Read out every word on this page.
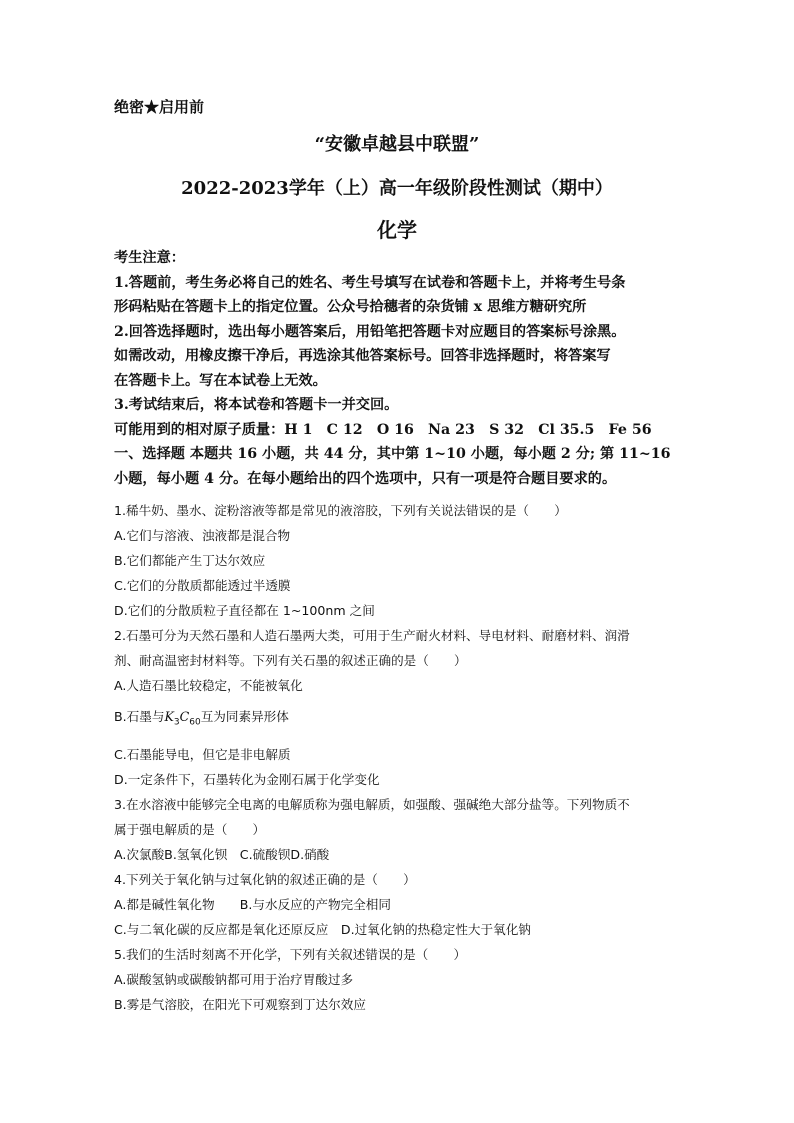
绝密★启用前
“安徽卓越县中联盟”
2022-2023学年（上）高一年级阶段性测试（期中）
化学
考生注意：
1.答题前，考生务必将自己的姓名、考生号填写在试卷和答题卡上，并将考生号条
形码粘贴在答题卡上的指定位置。公众号拾穗者的杂货铺 x 思维方糖研究所
2.回答选择题时，选出每小题答案后，用铅笔把答题卡对应题目的答案标号涂黑。
如需改动，用橡皮擦干净后，再选涂其他答案标号。回答非选择题时，将答案写
在答题卡上。写在本试卷上无效。
3.考试结束后，将本试卷和答题卡一并交回。
可能用到的相对原子质量：H 1　C 12　O 16　Na 23　S 32　Cl 35.5　Fe 56
一、选择题 本题共 16 小题，共 44 分，其中第 1~10 小题，每小题 2 分; 第 11~16
小题，每小题 4 分。在每小题给出的四个选项中，只有一项是符合题目要求的。
1.稀牛奶、墨水、淀粉溶液等都是常见的液溶胶，下列有关说法错误的是（　　）
A.它们与溶液、浊液都是混合物
B.它们都能产生丁达尔效应
C.它们的分散质都能透过半透膜
D.它们的分散质粒子直径都在 1~100nm 之间
2.石墨可分为天然石墨和人造石墨两大类，可用于生产耐火材料、导电材料、耐磨材料、润滑
剂、耐高温密封材料等。下列有关石墨的叙述正确的是（　　）
A.人造石墨比较稳定，不能被氧化
B.石墨与$K_3C_{60}$互为同素异形体
C.石墨能导电，但它是非电解质
D.一定条件下，石墨转化为金刚石属于化学变化
3.在水溶液中能够完全电离的电解质称为强电解质，如强酸、强碱绝大部分盐等。下列物质不
属于强电解质的是（　　）
A.次氯酸B.氢氧化钡　C.硫酸钡D.硝酸
4.下列关于氧化钠与过氧化钠的叙述正确的是（　　）
A.都是碱性氧化物　　B.与水反应的产物完全相同
C.与二氧化碳的反应都是氧化还原反应　D.过氧化钠的热稳定性大于氧化钠
5.我们的生活时刻离不开化学，下列有关叙述错误的是（　　）
A.碳酸氢钠或碳酸钠都可用于治疗胃酸过多
B.雾是气溶胶，在阳光下可观察到丁达尔效应
